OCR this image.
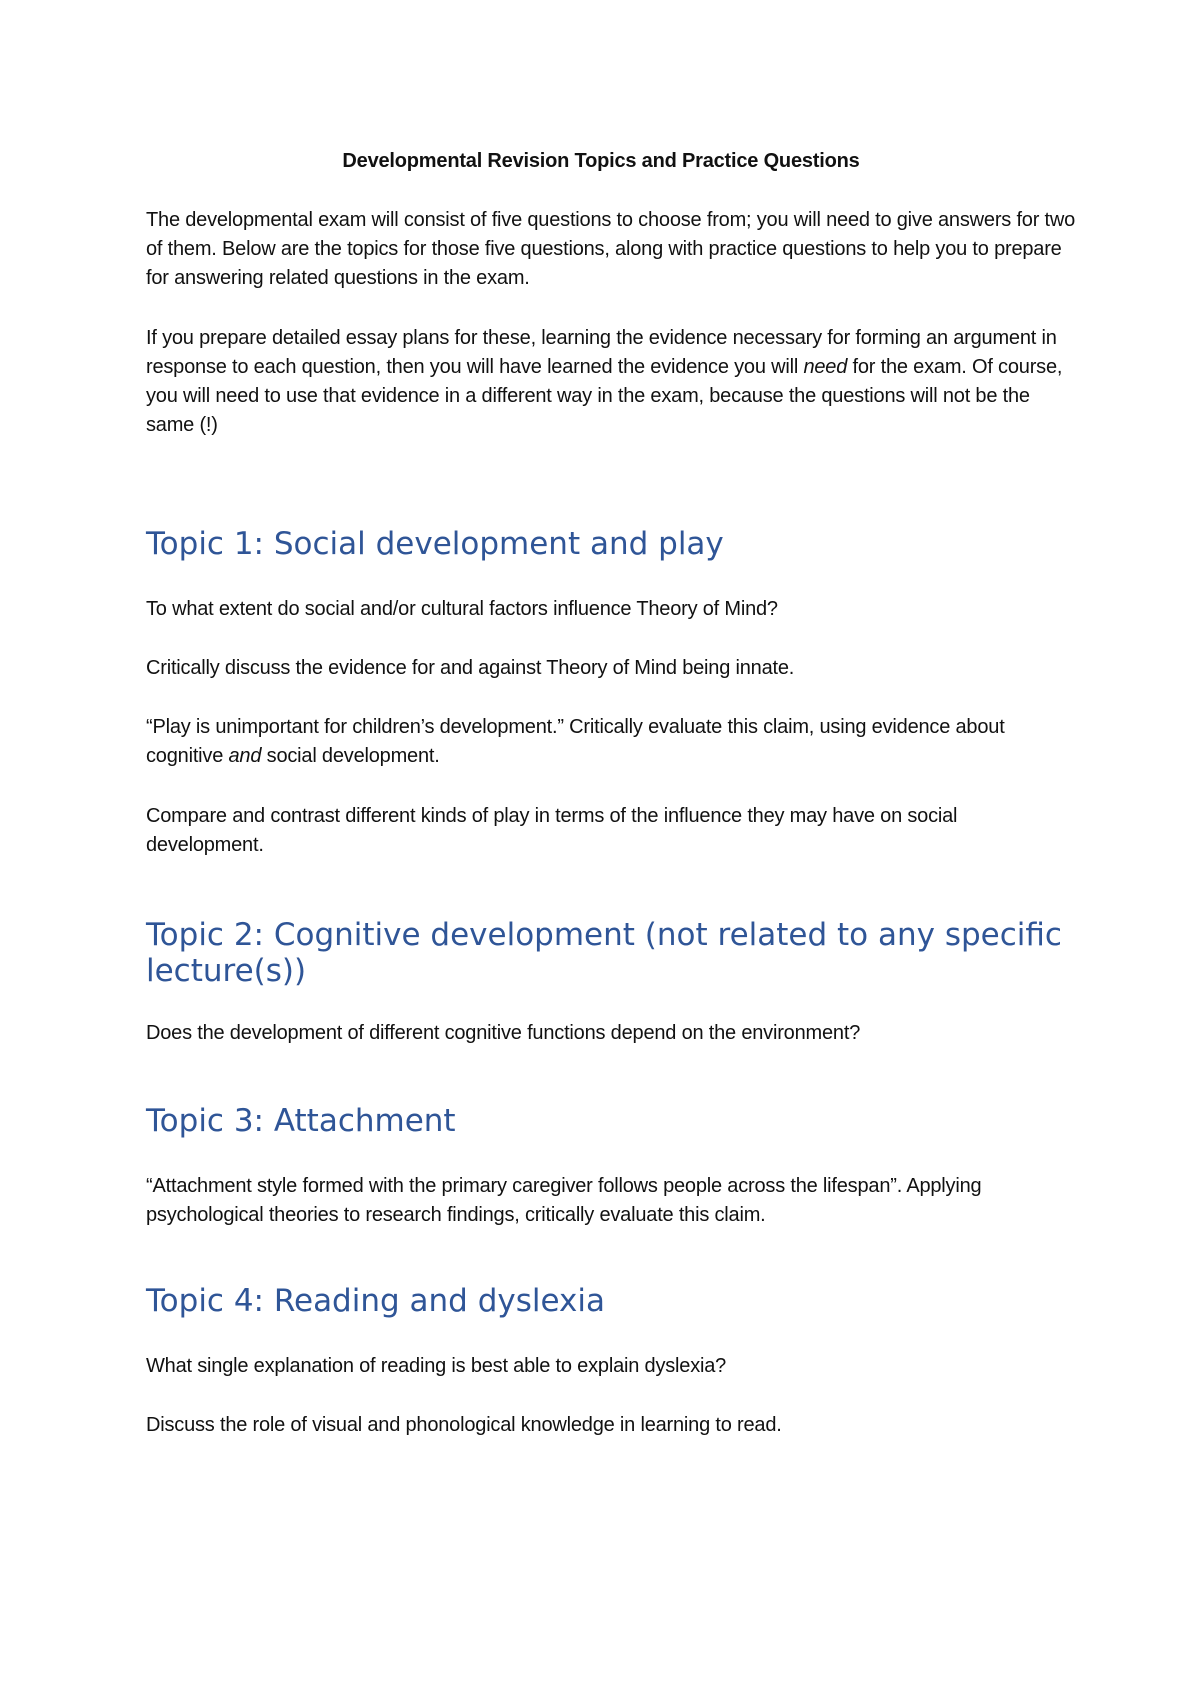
Developmental Revision Topics and Practice Questions

The developmental exam will consist of five questions to choose from; you will need to give answers for two of them. Below are the topics for those five questions, along with practice questions to help you to prepare for answering related questions in the exam.

If you prepare detailed essay plans for these, learning the evidence necessary for forming an argument in response to each question, then you will have learned the evidence you will need for the exam. Of course, you will need to use that evidence in a different way in the exam, because the questions will not be the same (!)

Topic 1: Social development and play

To what extent do social and/or cultural factors influence Theory of Mind?

Critically discuss the evidence for and against Theory of Mind being innate.

“Play is unimportant for children’s development.” Critically evaluate this claim, using evidence about cognitive and social development.

Compare and contrast different kinds of play in terms of the influence they may have on social development.

Topic 2: Cognitive development (not related to any specific lecture(s))

Does the development of different cognitive functions depend on the environment?

Topic 3: Attachment

“Attachment style formed with the primary caregiver follows people across the lifespan”. Applying psychological theories to research findings, critically evaluate this claim.

Topic 4: Reading and dyslexia

What single explanation of reading is best able to explain dyslexia?

Discuss the role of visual and phonological knowledge in learning to read.
